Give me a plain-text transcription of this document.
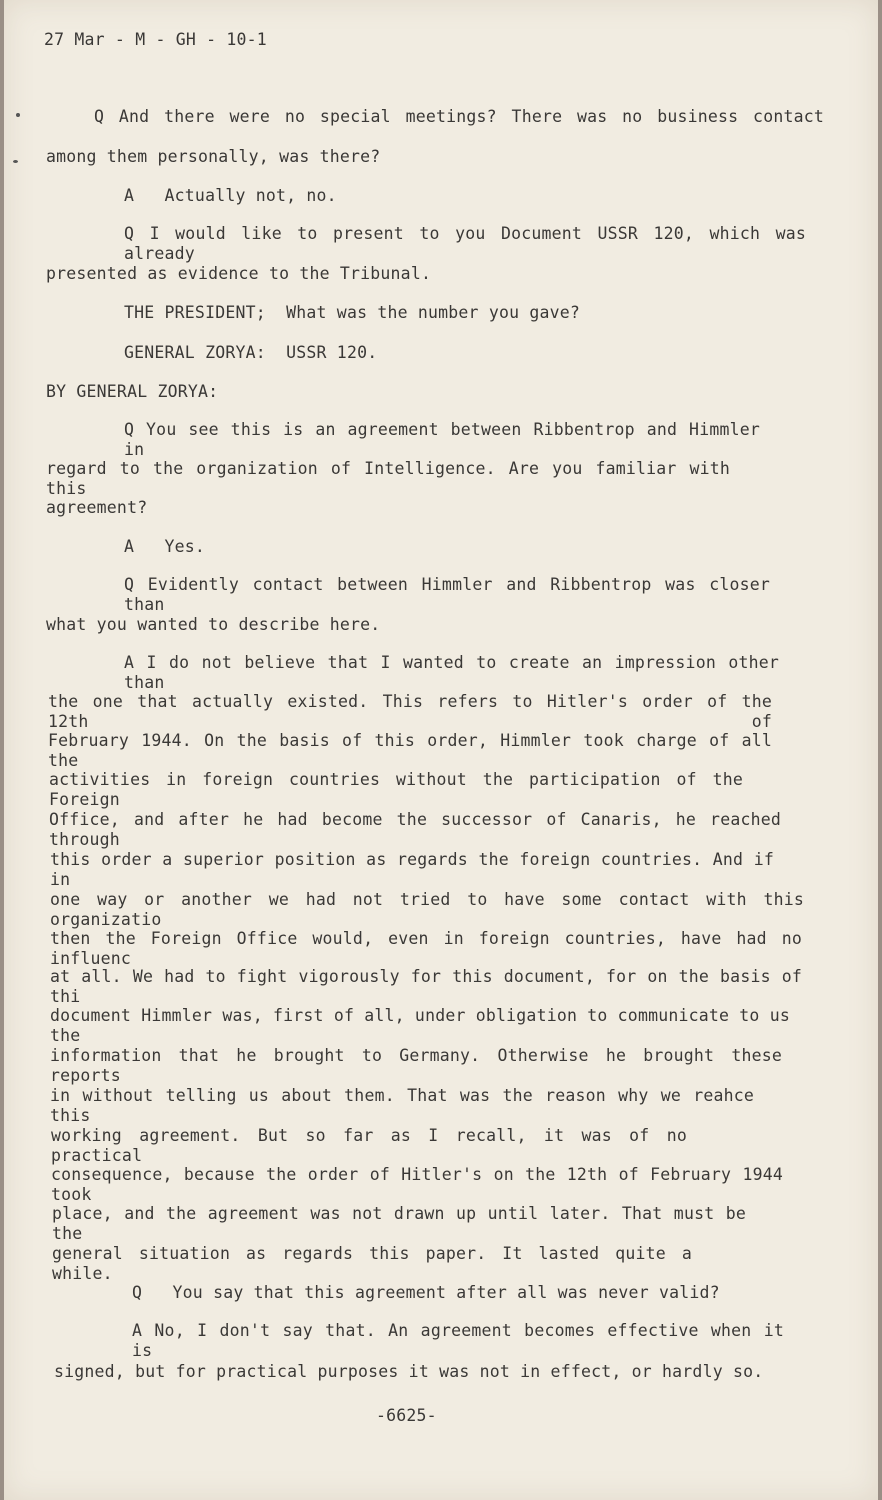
27 Mar - M - GH - 10-1
Q And there were no special meetings? There was no business contact
among them personally, was there?
A   Actually not, no.
Q I would like to present to you Document USSR 120, which was already
presented as evidence to the Tribunal.
THE PRESIDENT;  What was the number you gave?
GENERAL ZORYA:  USSR 120.
BY GENERAL ZORYA:
Q You see this is an agreement between Ribbentrop and Himmler in
regard to the organization of Intelligence. Are you familiar with this
agreement?
A   Yes.
Q Evidently contact between Himmler and Ribbentrop was closer than
what you wanted to describe here.
A I do not believe that I wanted to create an impression other than
the one that actually existed. This refers to Hitler's order of the 12th of
February 1944. On the basis of this order, Himmler took charge of all the
activities in foreign countries without the participation of the Foreign
Office, and after he had become the successor of Canaris, he reached through
this order a superior position as regards the foreign countries. And if in
one way or another we had not tried to have some contact with this organizatio
then the Foreign Office would, even in foreign countries, have had no influenc
at all. We had to fight vigorously for this document, for on the basis of thi
document Himmler was, first of all, under obligation to communicate to us the
information that he brought to Germany. Otherwise he brought these reports
in without telling us about them. That was the reason why we reahce this
working agreement. But so far as I recall, it was of no practical
consequence, because the order of Hitler's on the 12th of February 1944 took
place, and the agreement was not drawn up until later. That must be the
general situation as regards this paper. It lasted quite a while.
Q   You say that this agreement after all was never valid?
A No, I don't say that. An agreement becomes effective when it is
signed, but for practical purposes it was not in effect, or hardly so.
-6625-
